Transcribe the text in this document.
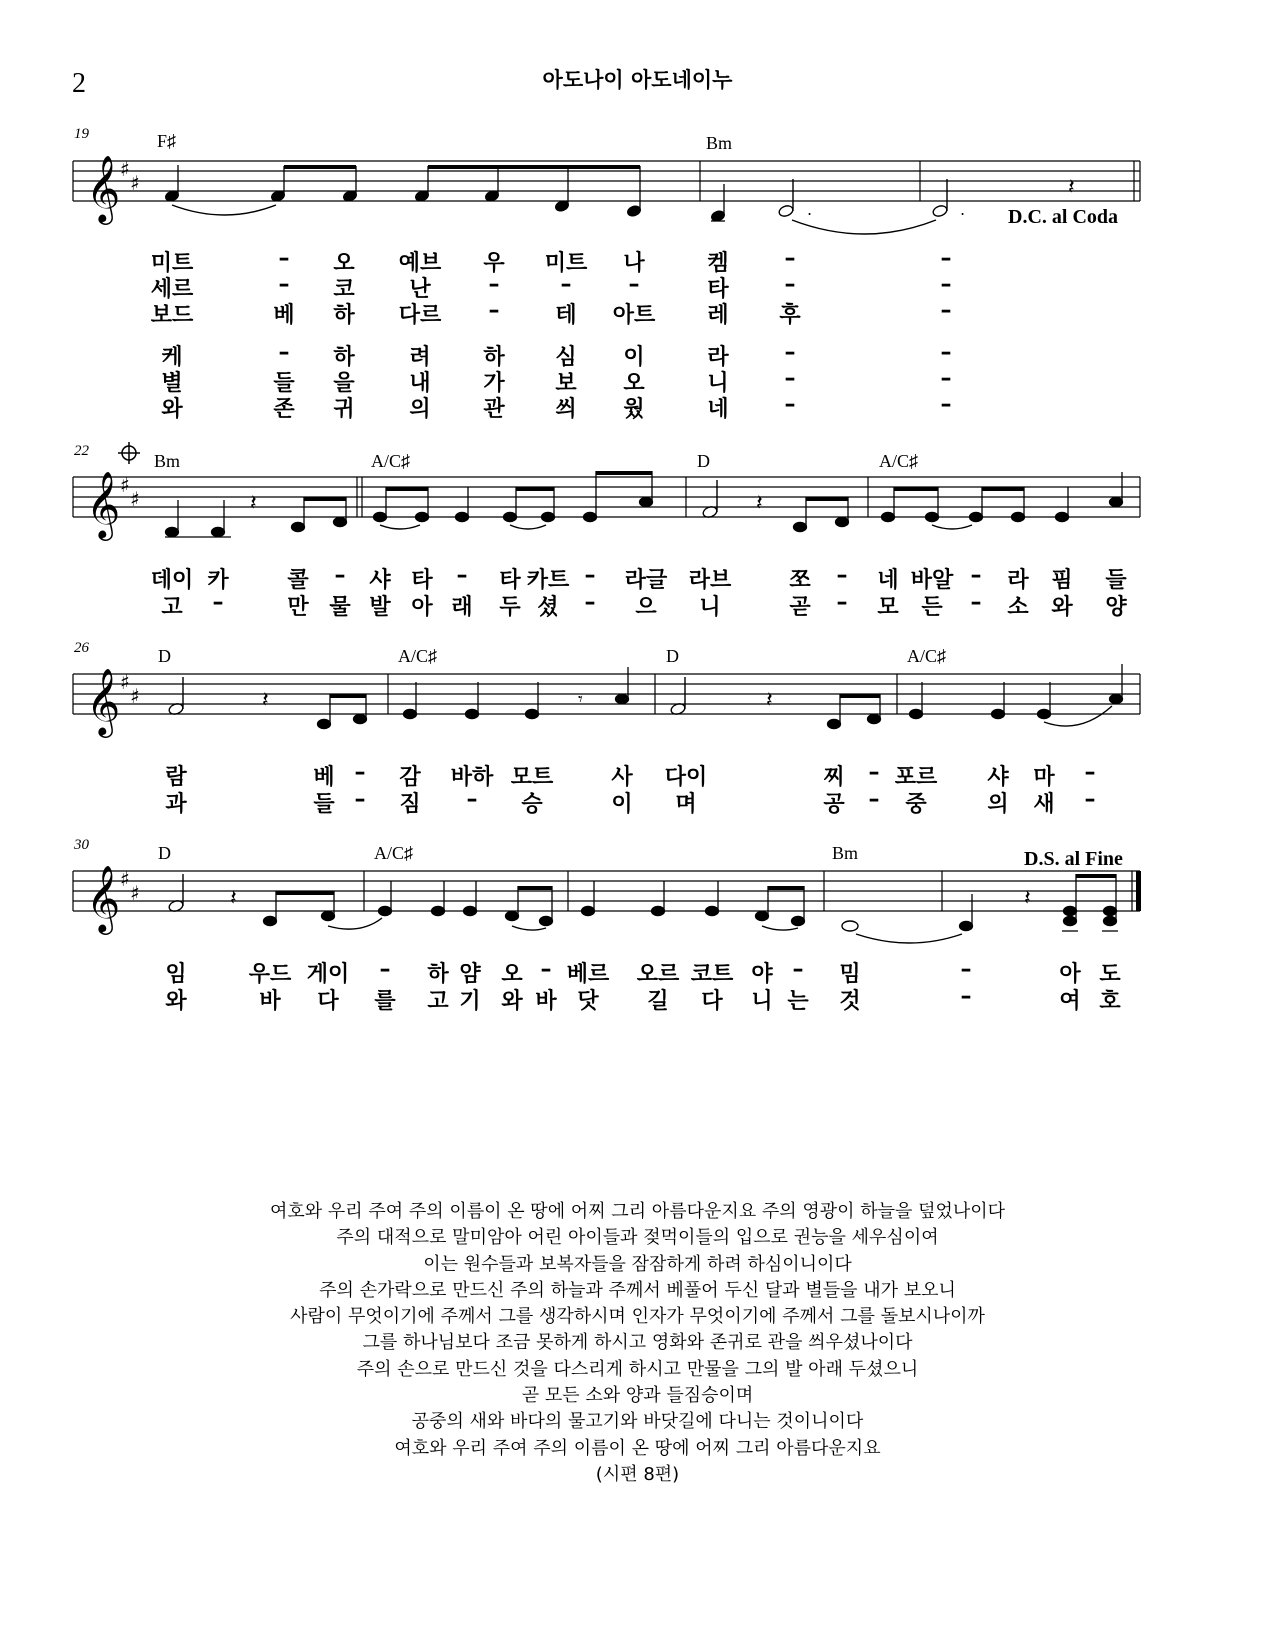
2	아도나이 아도네이누
𝄞 ♯
♯
.	.
𝄽
19	F♯	Bm
D.C. al Coda
미트	– 오 예브 우 미트 나	켐	–	–
세르	– 코 난	–	–	–	타	–	–
보드	베 하 다르 –	테 아트 레 후	–
케	– 하 려 하 심 이	라	–	–
별	들 을 내 가 보 오	니	–	–
와	존 귀 의 관 씌 웠	네	–	–
𝄞 ♯
♯	𝄽	𝄽
22	Bm	A/C♯	D	A/C♯
데이 카	콜 – 샤 타 – 타 카트 – 라글 라브	쪼 – 네 바알 – 라 핌 들
고 –	만 물 발 아 래 두 셨 – 으 니	곧 – 모 든 – 소 와 양
𝄞 ♯
♯	𝄽	𝄽
𝄾
26	D	A/C♯	D	A/C♯
람	베 – 감 바하 모트	사 다이	찌 – 포르 샤 마 –
과	들 – 짐 – 승	이 며	공 – 중	의 새 –
𝄞 ♯
♯	𝄽	𝄽
30	D	A/C♯	Bm	D.S. al Fine
임	우드 게이 – 하 얌 오 – 베르 오르 코트 야 – 밈	–	아 도
와	바 다 를 고 기 와 바 닷 길 다 니 는 것	–	여 호
여호와 우리 주여 주의 이름이 온 땅에 어찌 그리 아름다운지요 주의 영광이 하늘을 덮었나이다
주의 대적으로 말미암아 어린 아이들과 젖먹이들의 입으로 권능을 세우심이여
이는 원수들과 보복자들을 잠잠하게 하려 하심이니이다
주의 손가락으로 만드신 주의 하늘과 주께서 베풀어 두신 달과 별들을 내가 보오니
사람이 무엇이기에 주께서 그를 생각하시며 인자가 무엇이기에 주께서 그를 돌보시나이까
그를 하나님보다 조금 못하게 하시고 영화와 존귀로 관을 씌우셨나이다
주의 손으로 만드신 것을 다스리게 하시고 만물을 그의 발 아래 두셨으니
곧 모든 소와 양과 들짐승이며
공중의 새와 바다의 물고기와 바닷길에 다니는 것이니이다
여호와 우리 주여 주의 이름이 온 땅에 어찌 그리 아름다운지요
(시편 8편)
